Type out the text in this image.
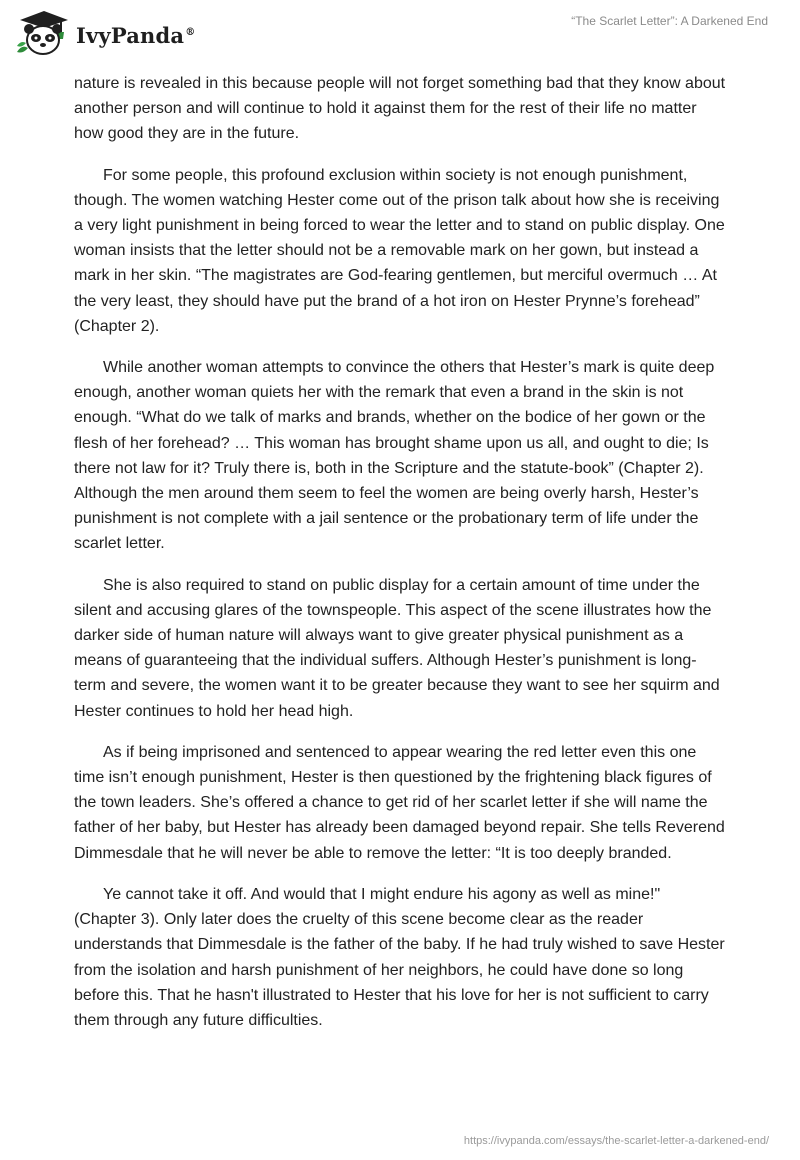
IvyPanda®
“The Scarlet Letter”: A Darkened End

nature is revealed in this because people will not forget something bad that they know about another person and will continue to hold it against them for the rest of their life no matter how good they are in the future.

For some people, this profound exclusion within society is not enough punishment, though. The women watching Hester come out of the prison talk about how she is receiving a very light punishment in being forced to wear the letter and to stand on public display. One woman insists that the letter should not be a removable mark on her gown, but instead a mark in her skin. “The magistrates are God-fearing gentlemen, but merciful overmuch … At the very least, they should have put the brand of a hot iron on Hester Prynne’s forehead” (Chapter 2).

While another woman attempts to convince the others that Hester’s mark is quite deep enough, another woman quiets her with the remark that even a brand in the skin is not enough. “What do we talk of marks and brands, whether on the bodice of her gown or the flesh of her forehead? … This woman has brought shame upon us all, and ought to die; Is there not law for it? Truly there is, both in the Scripture and the statute-book” (Chapter 2). Although the men around them seem to feel the women are being overly harsh, Hester’s punishment is not complete with a jail sentence or the probationary term of life under the scarlet letter.

She is also required to stand on public display for a certain amount of time under the silent and accusing glares of the townspeople. This aspect of the scene illustrates how the darker side of human nature will always want to give greater physical punishment as a means of guaranteeing that the individual suffers. Although Hester’s punishment is long-term and severe, the women want it to be greater because they want to see her squirm and Hester continues to hold her head high.

As if being imprisoned and sentenced to appear wearing the red letter even this one time isn’t enough punishment, Hester is then questioned by the frightening black figures of the town leaders. She’s offered a chance to get rid of her scarlet letter if she will name the father of her baby, but Hester has already been damaged beyond repair. She tells Reverend Dimmesdale that he will never be able to remove the letter: “It is too deeply branded.

Ye cannot take it off. And would that I might endure his agony as well as mine!" (Chapter 3). Only later does the cruelty of this scene become clear as the reader understands that Dimmesdale is the father of the baby. If he had truly wished to save Hester from the isolation and harsh punishment of her neighbors, he could have done so long before this. That he hasn't illustrated to Hester that his love for her is not sufficient to carry them through any future difficulties.

https://ivypanda.com/essays/the-scarlet-letter-a-darkened-end/
